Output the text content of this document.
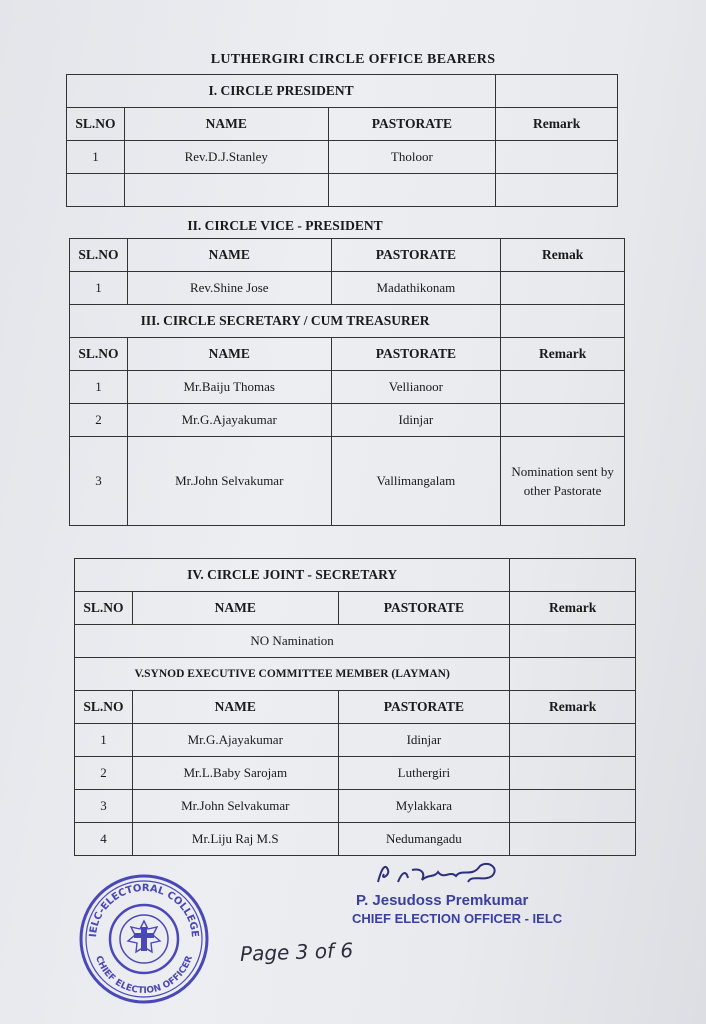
LUTHERGIRI CIRCLE OFFICE BEARERS
I. CIRCLE PRESIDENT			
SL.NO	NAME	PASTORATE	Remark
1	Rev.D.J.Stanley	Tholoor	

II. CIRCLE VICE - PRESIDENT
SL.NO	NAME	PASTORATE	Remak
1	Rev.Shine Jose	Madathikonam	
III. CIRCLE SECRETARY / CUM TREASURER			
SL.NO	NAME	PASTORATE	Remark
1	Mr.Baiju Thomas	Vellianoor	
2	Mr.G.Ajayakumar	Idinjar	
3	Mr.John Selvakumar	Vallimangalam	Nomination sent by other Pastorate
IV. CIRCLE JOINT - SECRETARY			
SL.NO	NAME	PASTORATE	Remark
NO Namination			
V.SYNOD EXECUTIVE COMMITTEE MEMBER (LAYMAN)			
SL.NO	NAME	PASTORATE	Remark
1	Mr.G.Ajayakumar	Idinjar	
2	Mr.L.Baby Sarojam	Luthergiri	
3	Mr.John Selvakumar	Mylakkara	
4	Mr.Liju Raj M.S	Nedumangadu	
IELC-ELECTORAL COLLEGE
CHIEF ELECTION OFFICER
P. Jesudoss Premkumar
CHIEF ELECTION OFFICER - IELC
Page 3 of 6
